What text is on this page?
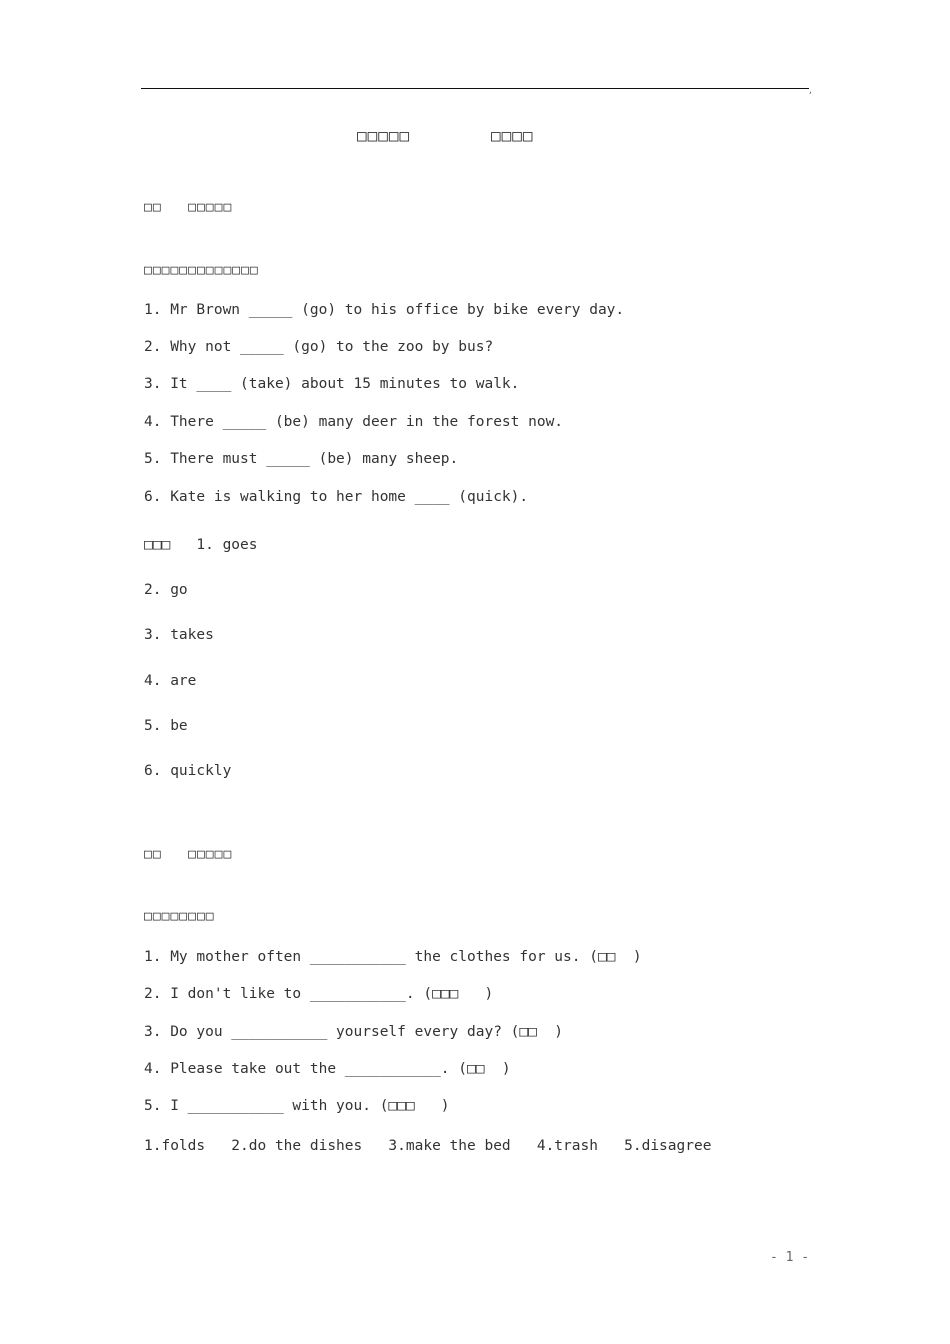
,
□□□□□	□□□□
□□   □□□□□
□□□□□□□□□□□□□
1. Mr Brown _____ (go) to his office by bike every day.
2. Why not _____ (go) to the zoo by bus?
3. It ____ (take) about 15 minutes to walk.
4. There _____ (be) many deer in the forest now.
5. There must _____ (be) many sheep.
6. Kate is walking to her home ____ (quick).
□□□   1. goes
2. go
3. takes
4. are
5. be
6. quickly
□□   □□□□□
□□□□□□□□
1. My mother often ___________ the clothes for us. (□□  )
2. I don't like to ___________. (□□□   )
3. Do you ___________ yourself every day? (□□  )
4. Please take out the ___________. (□□  )
5. I ___________ with you. (□□□   )
1.folds   2.do the dishes   3.make the bed   4.trash   5.disagree
- 1 -
